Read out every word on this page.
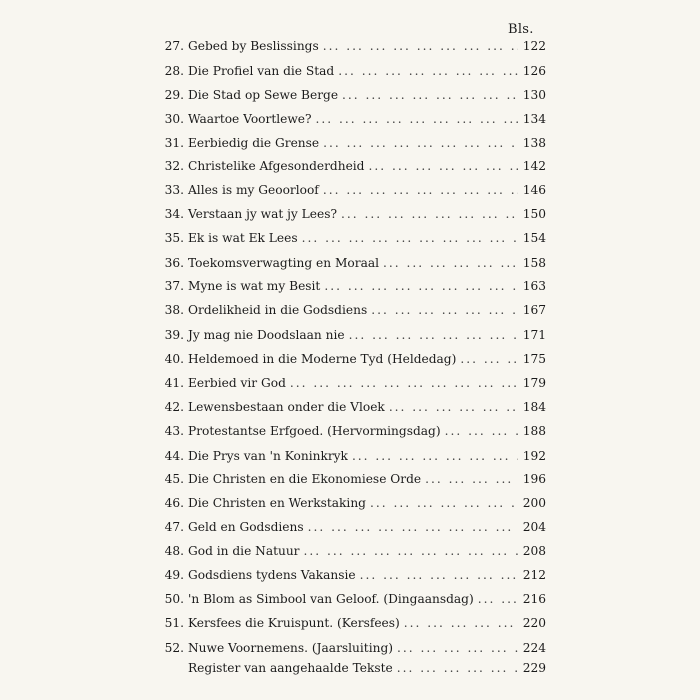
Bls.
27. Gebed by Beslissings ... .	122
28. Die Profiel van die Stad ... .	126
29. Die Stad op Sewe Berge ... .	130
30. Waartoe Voortlewe? ... .	134
31. Eerbiedig die Grense ... .	138
32. Christelike Afgesonderdheid ... .	142
33. Alles is my Geoorloof ... .	146
34. Verstaan jy wat jy Lees? ... .	150
35. Ek is wat Ek Lees ... .	154
36. Toekomsverwagting en Moraal ... .	158
37. Myne is wat my Besit ... .	163
38. Ordelikheid in die Godsdiens ... .	167
39. Jy mag nie Doodslaan nie ... .	171
40. Heldemoed in die Moderne Tyd (Heldedag) ... .	175
41. Eerbied vir God ... .	179
42. Lewensbestaan onder die Vloek ... .	184
43. Protestantse Erfgoed. (Hervormingsdag) ... .	188
44. Die Prys van 'n Koninkryk ... .	192
45. Die Christen en die Ekonomiese Orde ... .	196
46. Die Christen en Werkstaking ... .	200
47. Geld en Godsdiens ... .	204
48. God in die Natuur ... .	208
49. Godsdiens tydens Vakansie ... .	212
50. 'n Blom as Simbool van Geloof. (Dingaansdag) ... .	216
51. Kersfees die Kruispunt. (Kersfees) ... .	220
52. Nuwe Voornemens. (Jaarsluiting) ... .	224
Register van aangehaalde Tekste ... .	229
